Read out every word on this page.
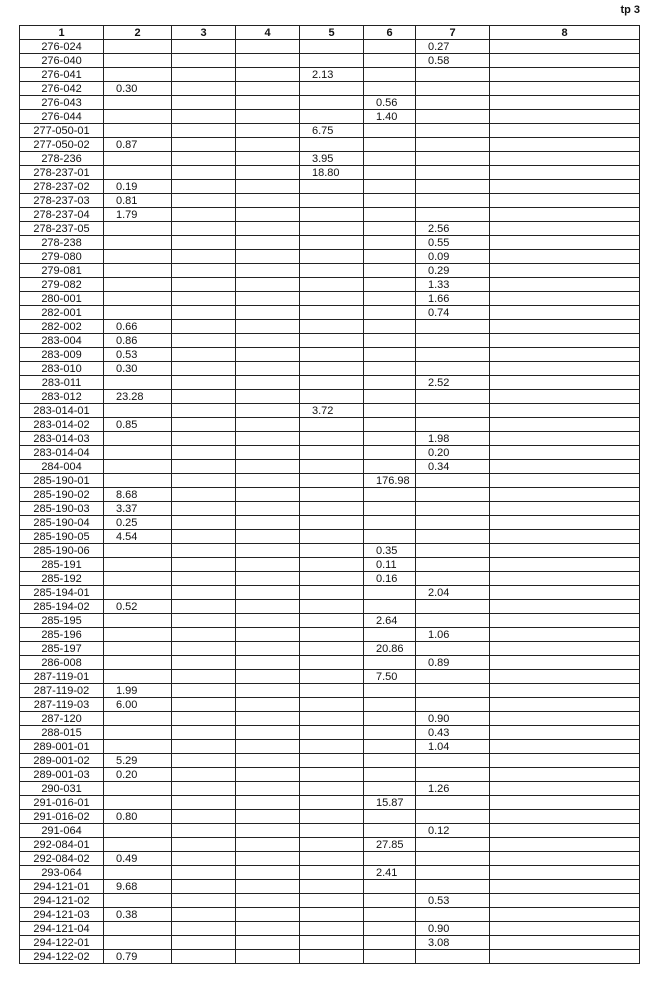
tp 3
1	2	3	4	5	6	7	8
276-024						0.27	
276-040						0.58	
276-041				2.13			
276-042	0.30						
276-043					0.56		
276-044					1.40		
277-050-01				6.75			
277-050-02	0.87						
278-236				3.95			
278-237-01				18.80			
278-237-02	0.19						
278-237-03	0.81						
278-237-04	1.79						
278-237-05						2.56	
278-238						0.55	
279-080						0.09	
279-081						0.29	
279-082						1.33	
280-001						1.66	
282-001						0.74	
282-002	0.66						
283-004	0.86						
283-009	0.53						
283-010	0.30						
283-011						2.52	
283-012	23.28						
283-014-01				3.72			
283-014-02	0.85						
283-014-03						1.98	
283-014-04						0.20	
284-004						0.34	
285-190-01					176.98		
285-190-02	8.68						
285-190-03	3.37						
285-190-04	0.25						
285-190-05	4.54						
285-190-06					0.35		
285-191					0.11		
285-192					0.16		
285-194-01						2.04	
285-194-02	0.52						
285-195					2.64		
285-196						1.06	
285-197					20.86		
286-008						0.89	
287-119-01					7.50		
287-119-02	1.99						
287-119-03	6.00						
287-120						0.90	
288-015						0.43	
289-001-01						1.04	
289-001-02	5.29						
289-001-03	0.20						
290-031						1.26	
291-016-01					15.87		
291-016-02	0.80						
291-064						0.12	
292-084-01					27.85		
292-084-02	0.49						
293-064					2.41		
294-121-01	9.68						
294-121-02						0.53	
294-121-03	0.38						
294-121-04						0.90	
294-122-01						3.08	
294-122-02	0.79						
